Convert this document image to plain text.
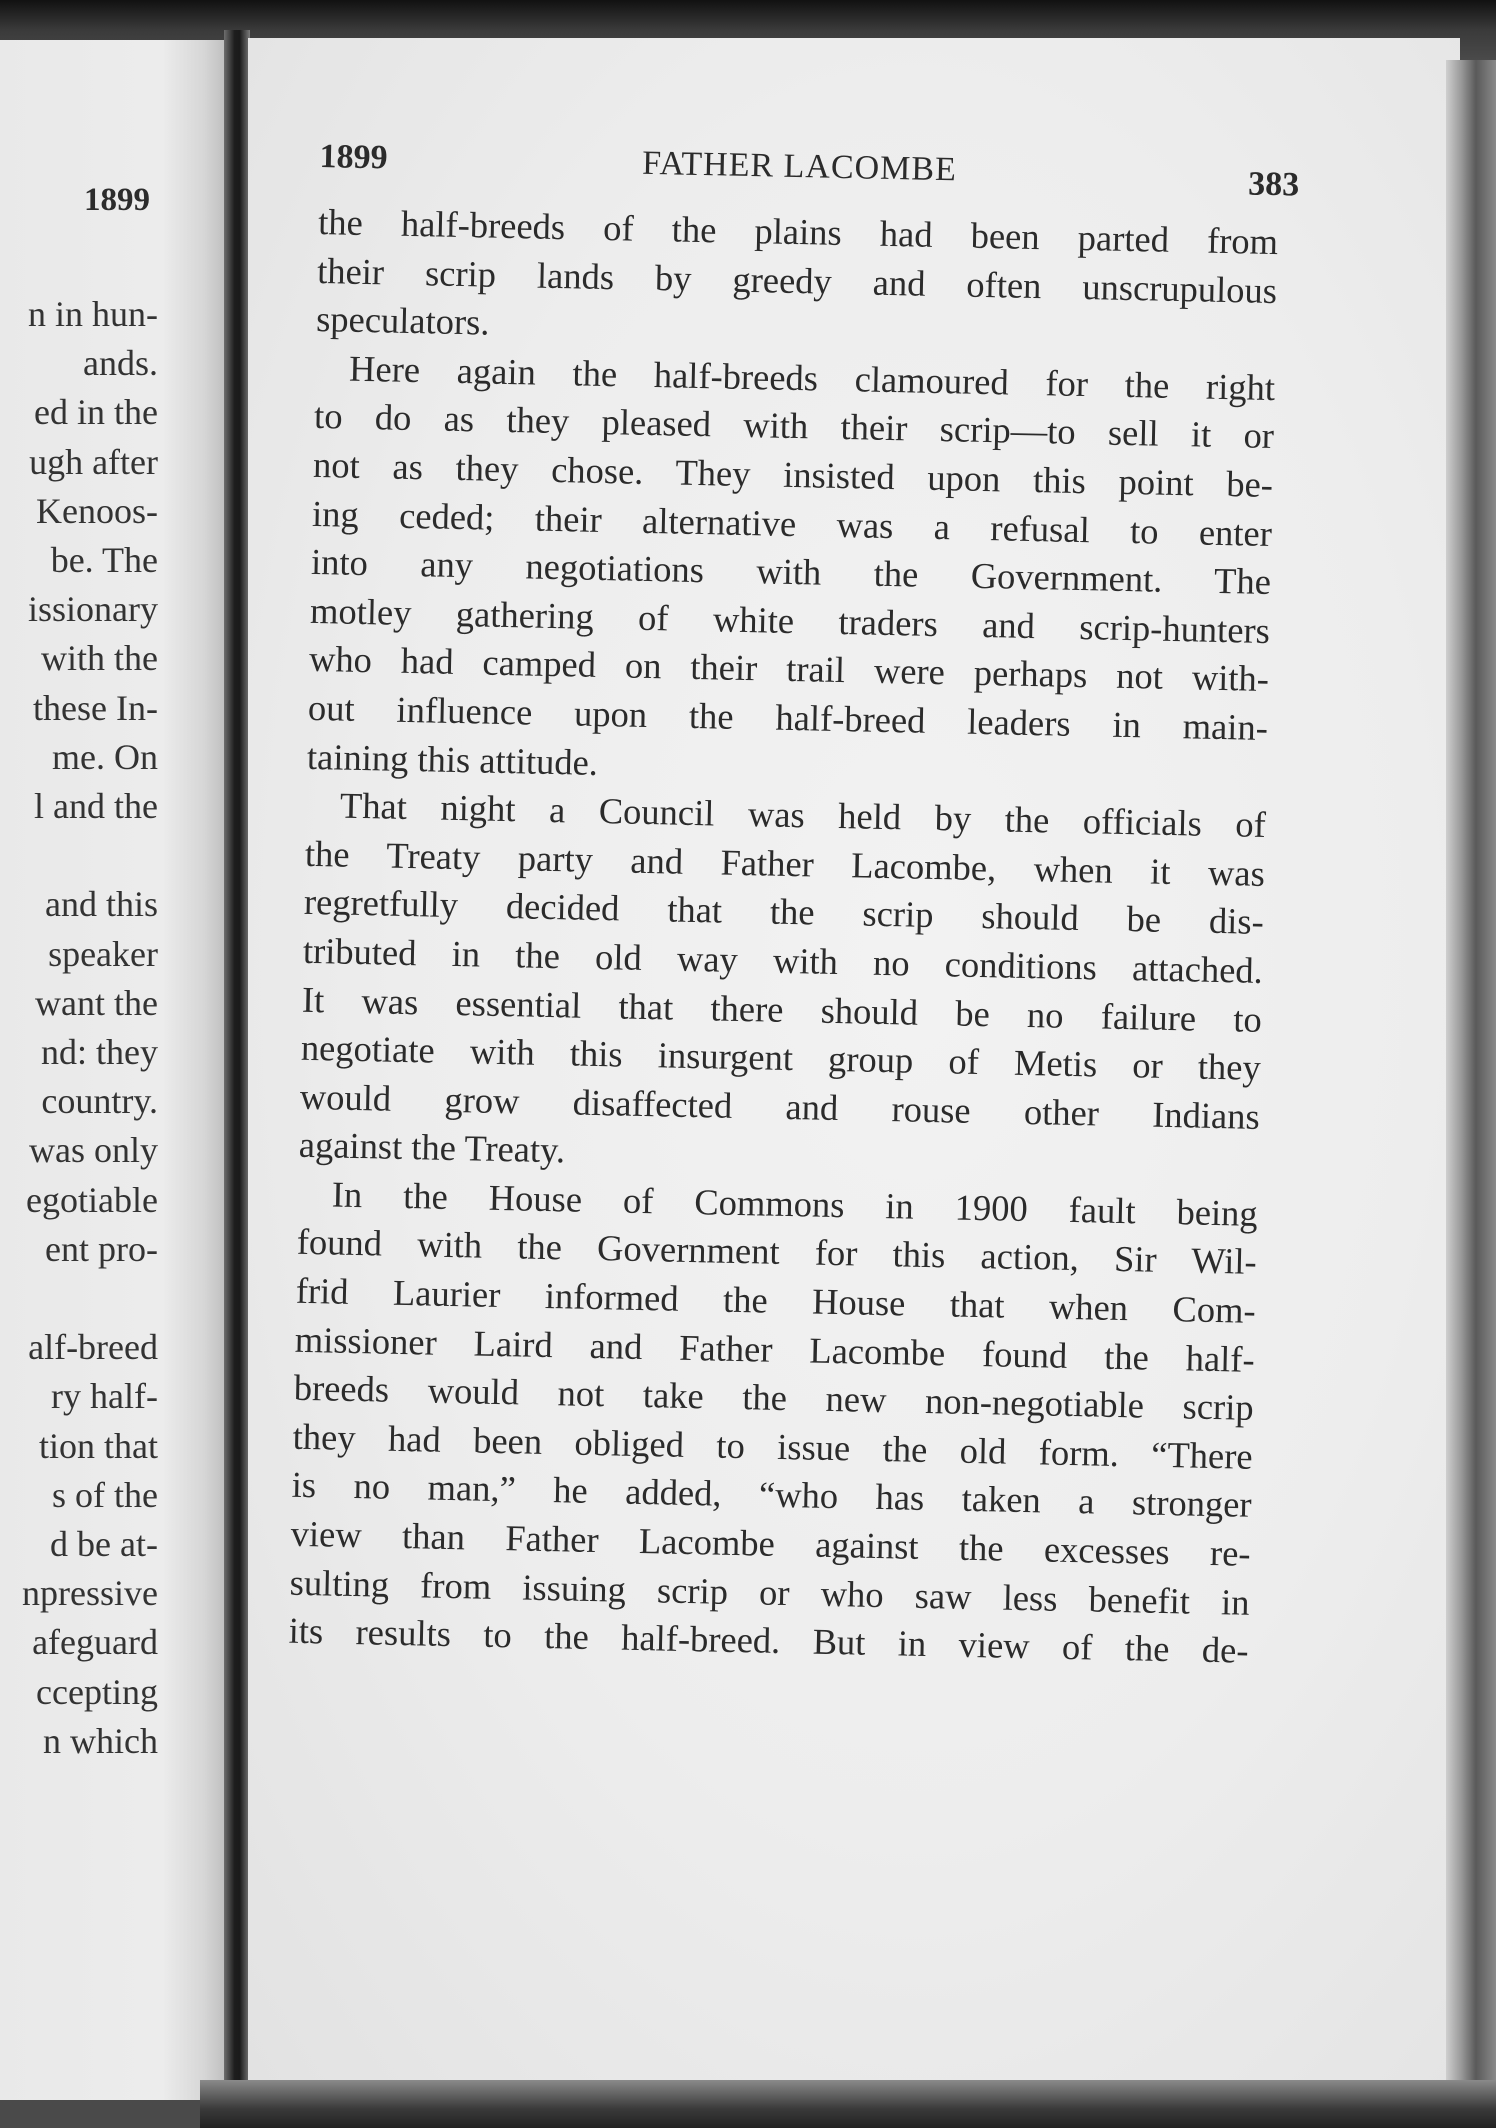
1899
n in hun-
ands.
ed in the
ugh after
Kenoos-
be. The
issionary
with the
these In-
me. On
l and the
and this
speaker
want the
nd: they
country.
was only
egotiable
ent pro-
alf-breed
ry half-
tion that
s of the
d be at-
npressive
afeguard
ccepting
n which
1899	FATHER LACOMBE	383
the half-breeds of the plains had been parted from
their scrip lands by greedy and often unscrupulous
speculators.
Here again the half-breeds clamoured for the right
to do as they pleased with their scrip—to sell it or
not as they chose. They insisted upon this point be-
ing ceded; their alternative was a refusal to enter
into any negotiations with the Government. The
motley gathering of white traders and scrip-hunters
who had camped on their trail were perhaps not with-
out influence upon the half-breed leaders in main-
taining this attitude.
That night a Council was held by the officials of
the Treaty party and Father Lacombe, when it was
regretfully decided that the scrip should be dis-
tributed in the old way with no conditions attached.
It was essential that there should be no failure to
negotiate with this insurgent group of Metis or they
would grow disaffected and rouse other Indians
against the Treaty.
In the House of Commons in 1900 fault being
found with the Government for this action, Sir Wil-
frid Laurier informed the House that when Com-
missioner Laird and Father Lacombe found the half-
breeds would not take the new non-negotiable scrip
they had been obliged to issue the old form. “There
is no man,” he added, “who has taken a stronger
view than Father Lacombe against the excesses re-
sulting from issuing scrip or who saw less benefit in
its results to the half-breed. But in view of the de-
